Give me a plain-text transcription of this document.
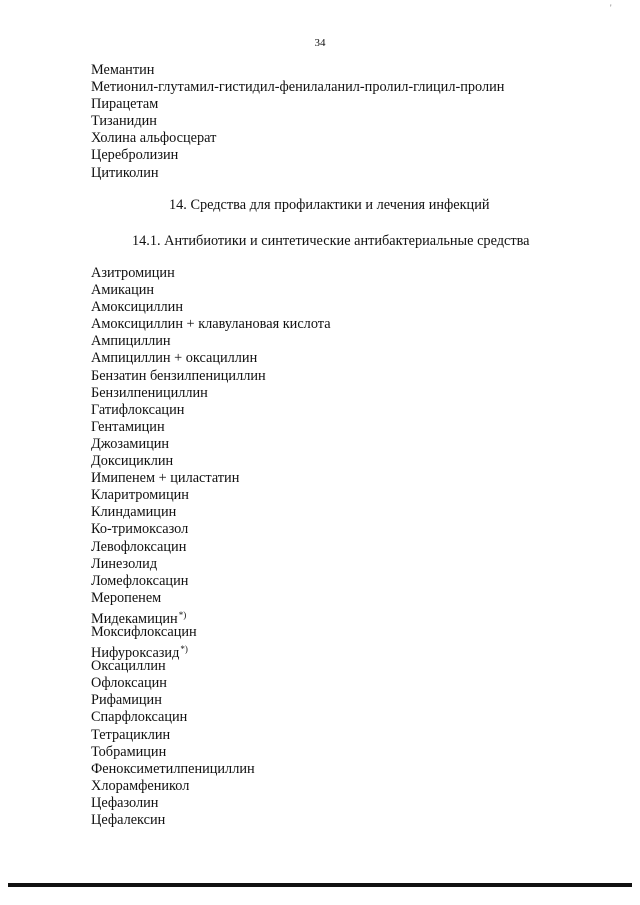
'
34
Мемантин
Метионил-глутамил-гистидил-фенилаланил-пролил-глицил-пролин
Пирацетам
Тизанидин
Холина альфосцерат
Церебролизин
Цитиколин
14. Средства для профилактики и лечения инфекций
14.1. Антибиотики и синтетические антибактериальные средства
Азитромицин
Амикацин
Амоксициллин
Амоксициллин + клавулановая кислота
Ампициллин
Ампициллин + оксациллин
Бензатин бензилпенициллин
Бензилпенициллин
Гатифлоксацин
Гентамицин
Джозамицин
Доксициклин
Имипенем + циластатин
Кларитромицин
Клиндамицин
Ко-тримоксазол
Левофлоксацин
Линезолид
Ломефлоксацин
Меропенем
Мидекамицин*)
Моксифлоксацин
Нифуроксазид*)
Оксациллин
Офлоксацин
Рифамицин
Спарфлоксацин
Тетрациклин
Тобрамицин
Феноксиметилпенициллин
Хлорамфеникол
Цефазолин
Цефалексин
